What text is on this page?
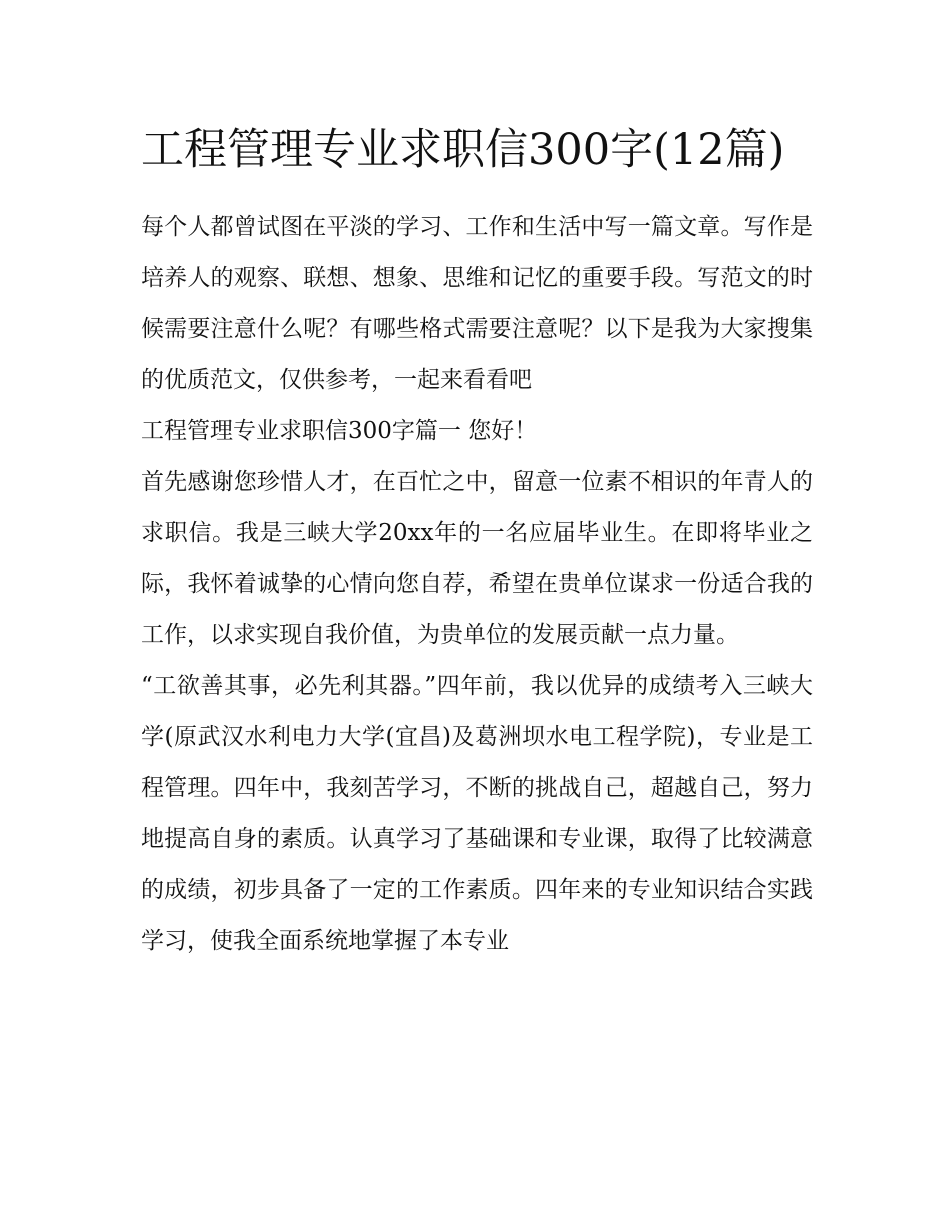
工程管理专业求职信300字(12篇)

每个人都曾试图在平淡的学习、工作和生活中写一篇文章。写作是培养人的观察、联想、想象、思维和记忆的重要手段。写范文的时候需要注意什么呢？有哪些格式需要注意呢？以下是我为大家搜集的优质范文，仅供参考，一起来看看吧

工程管理专业求职信300字篇一 您好！

首先感谢您珍惜人才，在百忙之中，留意一位素不相识的年青人的求职信。我是三峡大学20xx年的一名应届毕业生。在即将毕业之际，我怀着诚挚的心情向您自荐，希望在贵单位谋求一份适合我的工作，以求实现自我价值，为贵单位的发展贡献一点力量。

“工欲善其事，必先利其器。”四年前，我以优异的成绩考入三峡大学(原武汉水利电力大学(宜昌)及葛洲坝水电工程学院)，专业是工程管理。四年中，我刻苦学习，不断的挑战自己，超越自己，努力地提高自身的素质。认真学习了基础课和专业课，取得了比较满意的成绩，初步具备了一定的工作素质。四年来的专业知识结合实践学习，使我全面系统地掌握了本专业
